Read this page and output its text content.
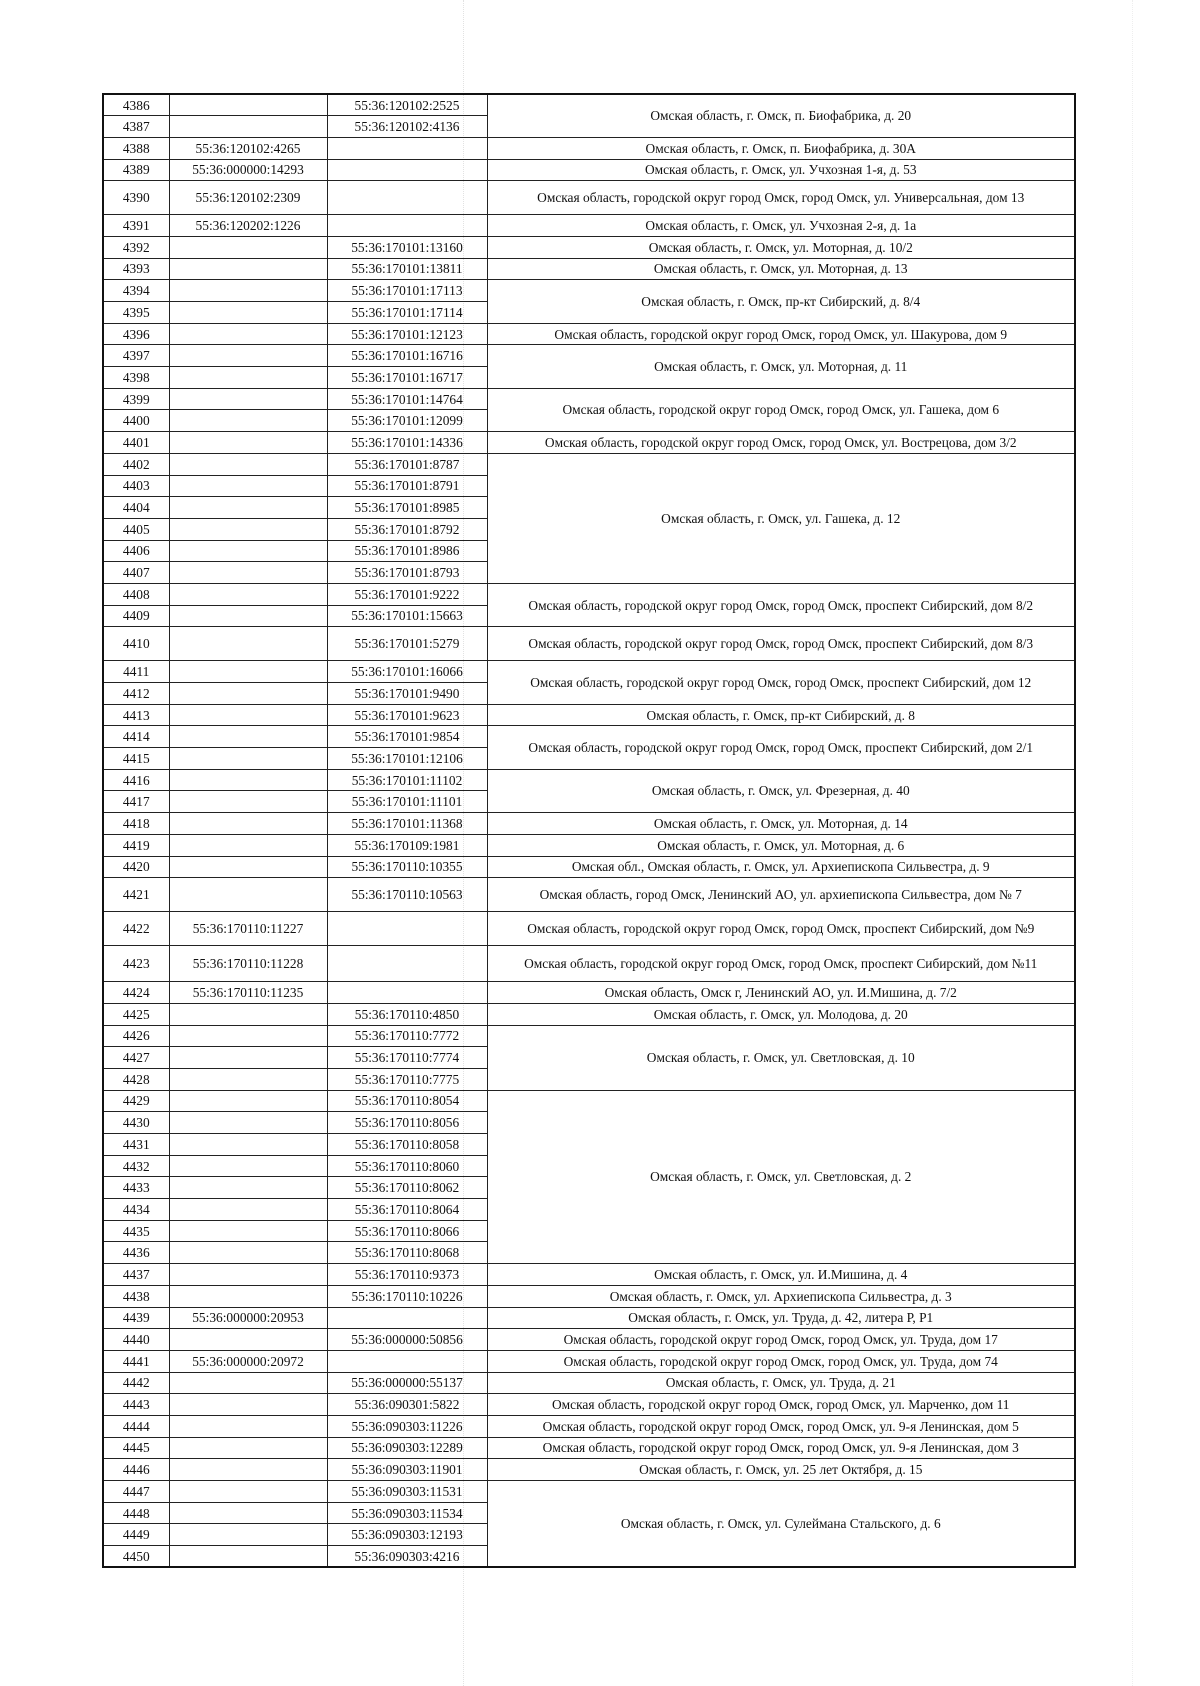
4386		55:36:120102:2525	Омская область, г. Омск, п. Биофабрика, д. 20
4387		55:36:120102:4136	
4388	55:36:120102:4265		Омская область, г. Омск, п. Биофабрика, д. 30А
4389	55:36:000000:14293		Омская область, г. Омск, ул. Учхозная 1-я, д. 53
4390	55:36:120102:2309		Омская область, городской округ город Омск, город Омск, ул. Универсальная, дом 13
4391	55:36:120202:1226		Омская область, г. Омск, ул. Учхозная 2-я, д. 1а
4392		55:36:170101:13160	Омская область, г. Омск, ул. Моторная, д. 10/2
4393		55:36:170101:13811	Омская область, г. Омск, ул. Моторная, д. 13
4394		55:36:170101:17113	Омская область, г. Омск, пр-кт Сибирский, д. 8/4
4395		55:36:170101:17114	
4396		55:36:170101:12123	Омская область, городской округ город Омск, город Омск, ул. Шакурова, дом 9
4397		55:36:170101:16716	Омская область, г. Омск, ул. Моторная, д. 11
4398		55:36:170101:16717	
4399		55:36:170101:14764	Омская область, городской округ город Омск, город Омск, ул. Гашека, дом 6
4400		55:36:170101:12099	
4401		55:36:170101:14336	Омская область, городской округ город Омск, город Омск, ул. Вострецова, дом 3/2
4402		55:36:170101:8787	Омская область, г. Омск, ул. Гашека, д. 12
4403		55:36:170101:8791	
4404		55:36:170101:8985	
4405		55:36:170101:8792	
4406		55:36:170101:8986	
4407		55:36:170101:8793	
4408		55:36:170101:9222	Омская область, городской округ город Омск, город Омск, проспект Сибирский, дом 8/2
4409		55:36:170101:15663	
4410		55:36:170101:5279	Омская область, городской округ город Омск, город Омск, проспект Сибирский, дом 8/3
4411		55:36:170101:16066	Омская область, городской округ город Омск, город Омск, проспект Сибирский, дом 12
4412		55:36:170101:9490	
4413		55:36:170101:9623	Омская область, г. Омск, пр-кт Сибирский, д. 8
4414		55:36:170101:9854	Омская область, городской округ город Омск, город Омск, проспект Сибирский, дом 2/1
4415		55:36:170101:12106	
4416		55:36:170101:11102	Омская область, г. Омск, ул. Фрезерная, д. 40
4417		55:36:170101:11101	
4418		55:36:170101:11368	Омская область, г. Омск, ул. Моторная, д. 14
4419		55:36:170109:1981	Омская область, г. Омск, ул. Моторная, д. 6
4420		55:36:170110:10355	Омская обл., Омская область, г. Омск, ул. Архиепископа Сильвестра, д. 9
4421		55:36:170110:10563	Омская область, город Омск, Ленинский АО, ул. архиепископа Сильвестра, дом № 7
4422	55:36:170110:11227		Омская область, городской округ город Омск, город Омск, проспект Сибирский, дом №9
4423	55:36:170110:11228		Омская область, городской округ город Омск, город Омск, проспект Сибирский, дом №11
4424	55:36:170110:11235		Омская область, Омск г, Ленинский АО, ул. И.Мишина, д. 7/2
4425		55:36:170110:4850	Омская область, г. Омск, ул. Молодова, д. 20
4426		55:36:170110:7772	Омская область, г. Омск, ул. Светловская, д. 10
4427		55:36:170110:7774	
4428		55:36:170110:7775	
4429		55:36:170110:8054	Омская область, г. Омск, ул. Светловская, д. 2
4430		55:36:170110:8056	
4431		55:36:170110:8058	
4432		55:36:170110:8060	
4433		55:36:170110:8062	
4434		55:36:170110:8064	
4435		55:36:170110:8066	
4436		55:36:170110:8068	
4437		55:36:170110:9373	Омская область, г. Омск, ул. И.Мишина, д. 4
4438		55:36:170110:10226	Омская область, г. Омск, ул. Архиепископа Сильвестра, д. 3
4439	55:36:000000:20953		Омская область, г. Омск, ул. Труда, д. 42, литера Р, Р1
4440		55:36:000000:50856	Омская область, городской округ город Омск, город Омск, ул. Труда, дом 17
4441	55:36:000000:20972		Омская область, городской округ город Омск, город Омск, ул. Труда, дом 74
4442		55:36:000000:55137	Омская область, г. Омск, ул. Труда, д. 21
4443		55:36:090301:5822	Омская область, городской округ город Омск, город Омск, ул. Марченко, дом 11
4444		55:36:090303:11226	Омская область, городской округ город Омск, город Омск, ул. 9-я Ленинская, дом 5
4445		55:36:090303:12289	Омская область, городской округ город Омск, город Омск, ул. 9-я Ленинская, дом 3
4446		55:36:090303:11901	Омская область, г. Омск, ул. 25 лет Октября, д. 15
4447		55:36:090303:11531	Омская область, г. Омск, ул. Сулеймана Стальского, д. 6
4448		55:36:090303:11534	
4449		55:36:090303:12193	
4450		55:36:090303:4216	
